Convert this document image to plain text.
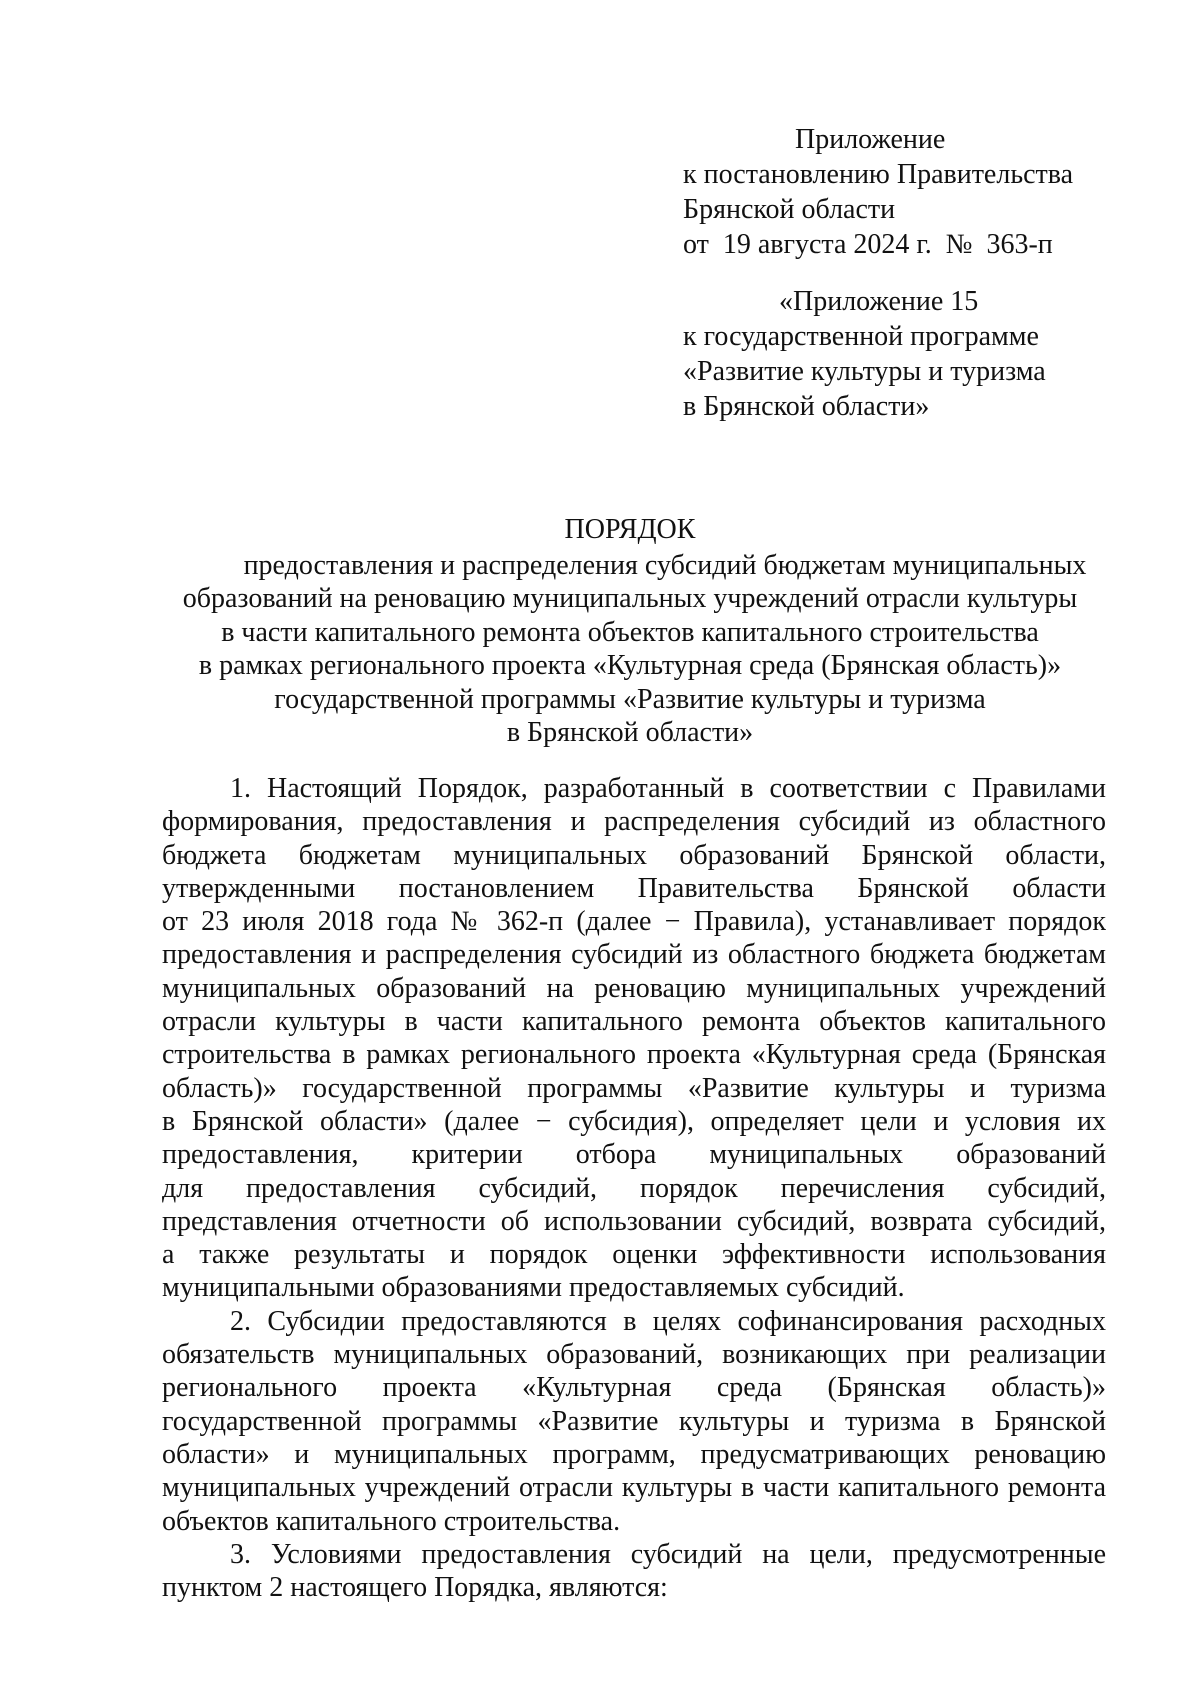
Приложение
к постановлению Правительства
Брянской области
от  19 августа 2024 г.  №  363-п
«Приложение 15
к государственной программе
«Развитие культуры и туризма
в Брянской области»
ПОРЯДОК
предоставления и распределения субсидий бюджетам муниципальных
образований на реновацию муниципальных учреждений отрасли культуры
в части капитального ремонта объектов капитального строительства
в рамках регионального проекта «Культурная среда (Брянская область)»
государственной программы «Развитие культуры и туризма
в Брянской области»
1. Настоящий Порядок, разработанный в соответствии с Правилами
формирования, предоставления и распределения субсидий из областного
бюджета бюджетам муниципальных образований Брянской области,
утвержденными постановлением Правительства Брянской области
от 23 июля 2018 года № 362-п (далее − Правила), устанавливает порядок
предоставления и распределения субсидий из областного бюджета бюджетам
муниципальных образований на реновацию муниципальных учреждений
отрасли культуры в части капитального ремонта объектов капитального
строительства в рамках регионального проекта «Культурная среда (Брянская
область)» государственной программы «Развитие культуры и туризма
в Брянской области» (далее − субсидия), определяет цели и условия их
предоставления, критерии отбора муниципальных образований
для предоставления субсидий, порядок перечисления субсидий,
представления отчетности об использовании субсидий, возврата субсидий,
а также результаты и порядок оценки эффективности использования
муниципальными образованиями предоставляемых субсидий.
2. Субсидии предоставляются в целях софинансирования расходных
обязательств муниципальных образований, возникающих при реализации
регионального проекта «Культурная среда (Брянская область)»
государственной программы «Развитие культуры и туризма в Брянской
области» и муниципальных программ, предусматривающих реновацию
муниципальных учреждений отрасли культуры в части капитального ремонта
объектов капитального строительства.
3. Условиями предоставления субсидий на цели, предусмотренные
пунктом 2 настоящего Порядка, являются:
